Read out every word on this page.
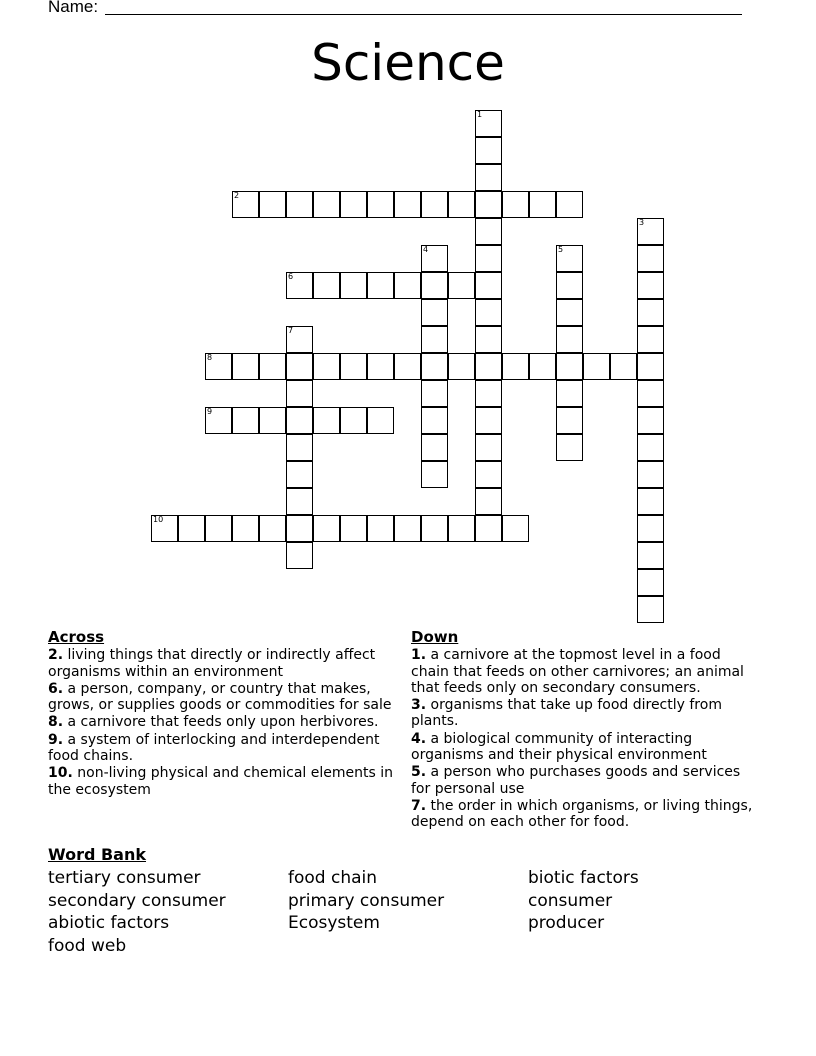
Name:
Science
1
2
3
4	5
6
7
8
9
10
Across
2. living things that directly or indirectly affect organisms within an environment
6. a person, company, or country that makes, grows, or supplies goods or commodities for sale
8. a carnivore that feeds only upon herbivores.
9. a system of interlocking and interdependent food chains.
10. non-living physical and chemical elements in the ecosystem
Down
1. a carnivore at the topmost level in a food chain that feeds on other carnivores; an animal that feeds only on secondary consumers.
3. organisms that take up food directly from plants.
4. a biological community of interacting organisms and their physical environment
5. a person who purchases goods and services for personal use
7. the order in which organisms, or living things, depend on each other for food.
Word Bank
tertiary consumer	food chain	biotic factors
secondary consumer	primary consumer	consumer
abiotic factors	Ecosystem	producer
food web
